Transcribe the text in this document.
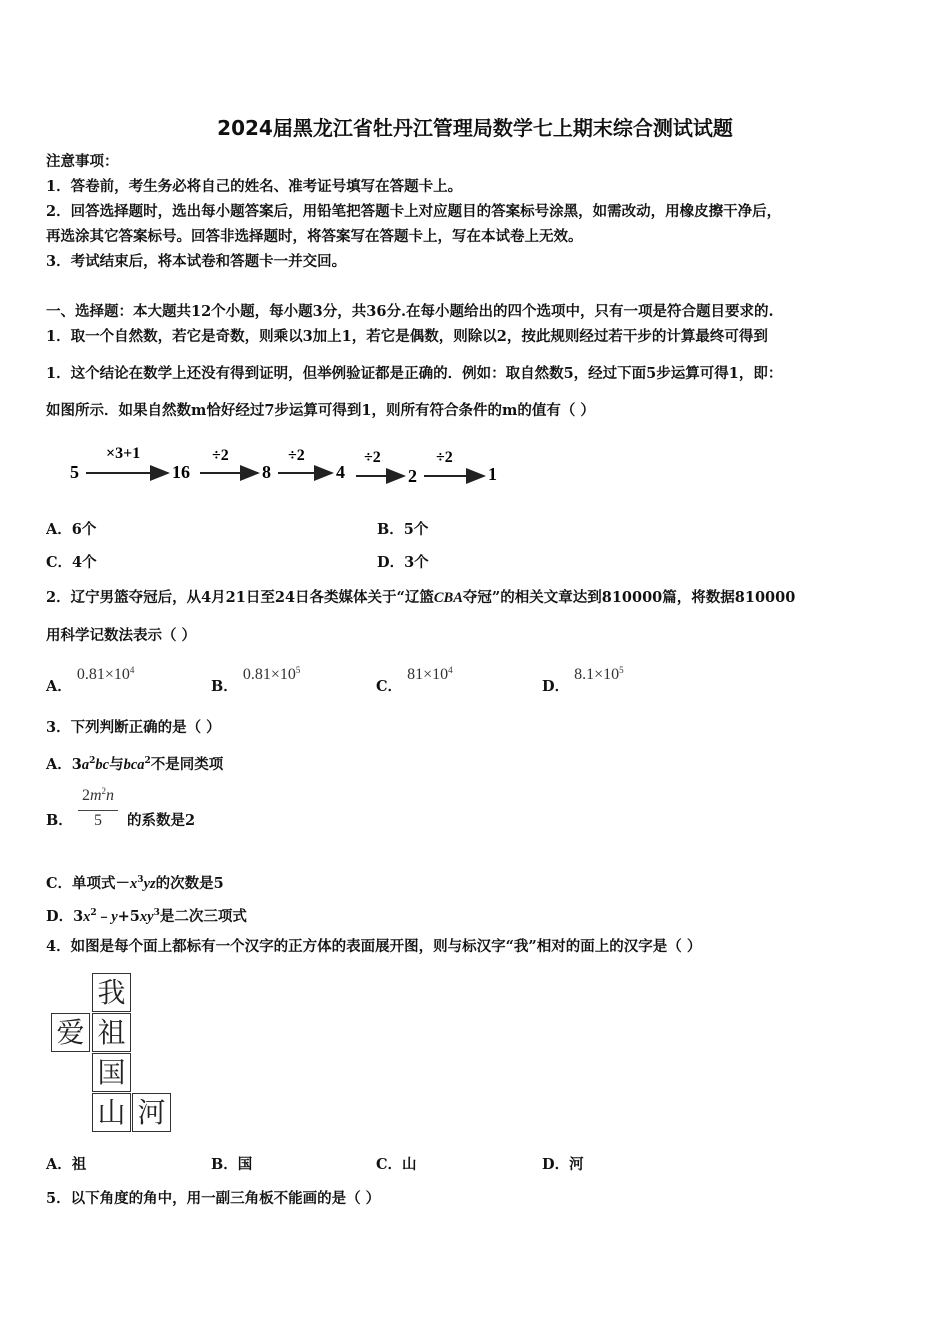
2024届黑龙江省牡丹江管理局数学七上期末综合测试试题
注意事项：
1．答卷前，考生务必将自己的姓名、准考证号填写在答题卡上。
2．回答选择题时，选出每小题答案后，用铅笔把答题卡上对应题目的答案标号涂黑，如需改动，用橡皮擦干净后，
再选涂其它答案标号。回答非选择题时，将答案写在答题卡上，写在本试卷上无效。
3．考试结束后，将本试卷和答题卡一并交回。
一、选择题：本大题共12个小题，每小题3分，共36分.在每小题给出的四个选项中，只有一项是符合题目要求的.
1．取一个自然数，若它是奇数，则乘以3加上1，若它是偶数，则除以2，按此规则经过若干步的计算最终可得到
1．这个结论在数学上还没有得到证明，但举例验证都是正确的．例如：取自然数5，经过下面5步运算可得1，即：
如图所示．如果自然数m恰好经过7步运算可得到1，则所有符合条件的m的值有（ ）
5
×3+1
16
÷2
8
÷2
4
÷2
2
÷2
1
A．6个	B．5个
C．4个	D．3个
2．辽宁男篮夺冠后，从4月21日至24日各类媒体关于“辽篮CBA夺冠”的相关文章达到810000篇，将数据810000
用科学记数法表示（ ）
A． $0.81\times 10^4$
B． $0.81\times 10^5$
C． $81\times 10^4$
D． $8.1\times 10^5$
3．下列判断正确的是（ ）
A．$3a^2bc$与bca$^2$不是同类项
B．
$2m^2n$
5	的系数是2
C．单项式$-x^3yz$的次数是5
D．$3x^2﹣y+5xy^3$是二次三项式
4．如图是每个面上都标有一个汉字的正方体的表面展开图，则与标汉字“我”相对的面上的汉字是（ ）
我
爱 祖
国
山 河
A．祖	B．国	C．山	D．河
5．以下角度的角中，用一副三角板不能画的是（ ）
